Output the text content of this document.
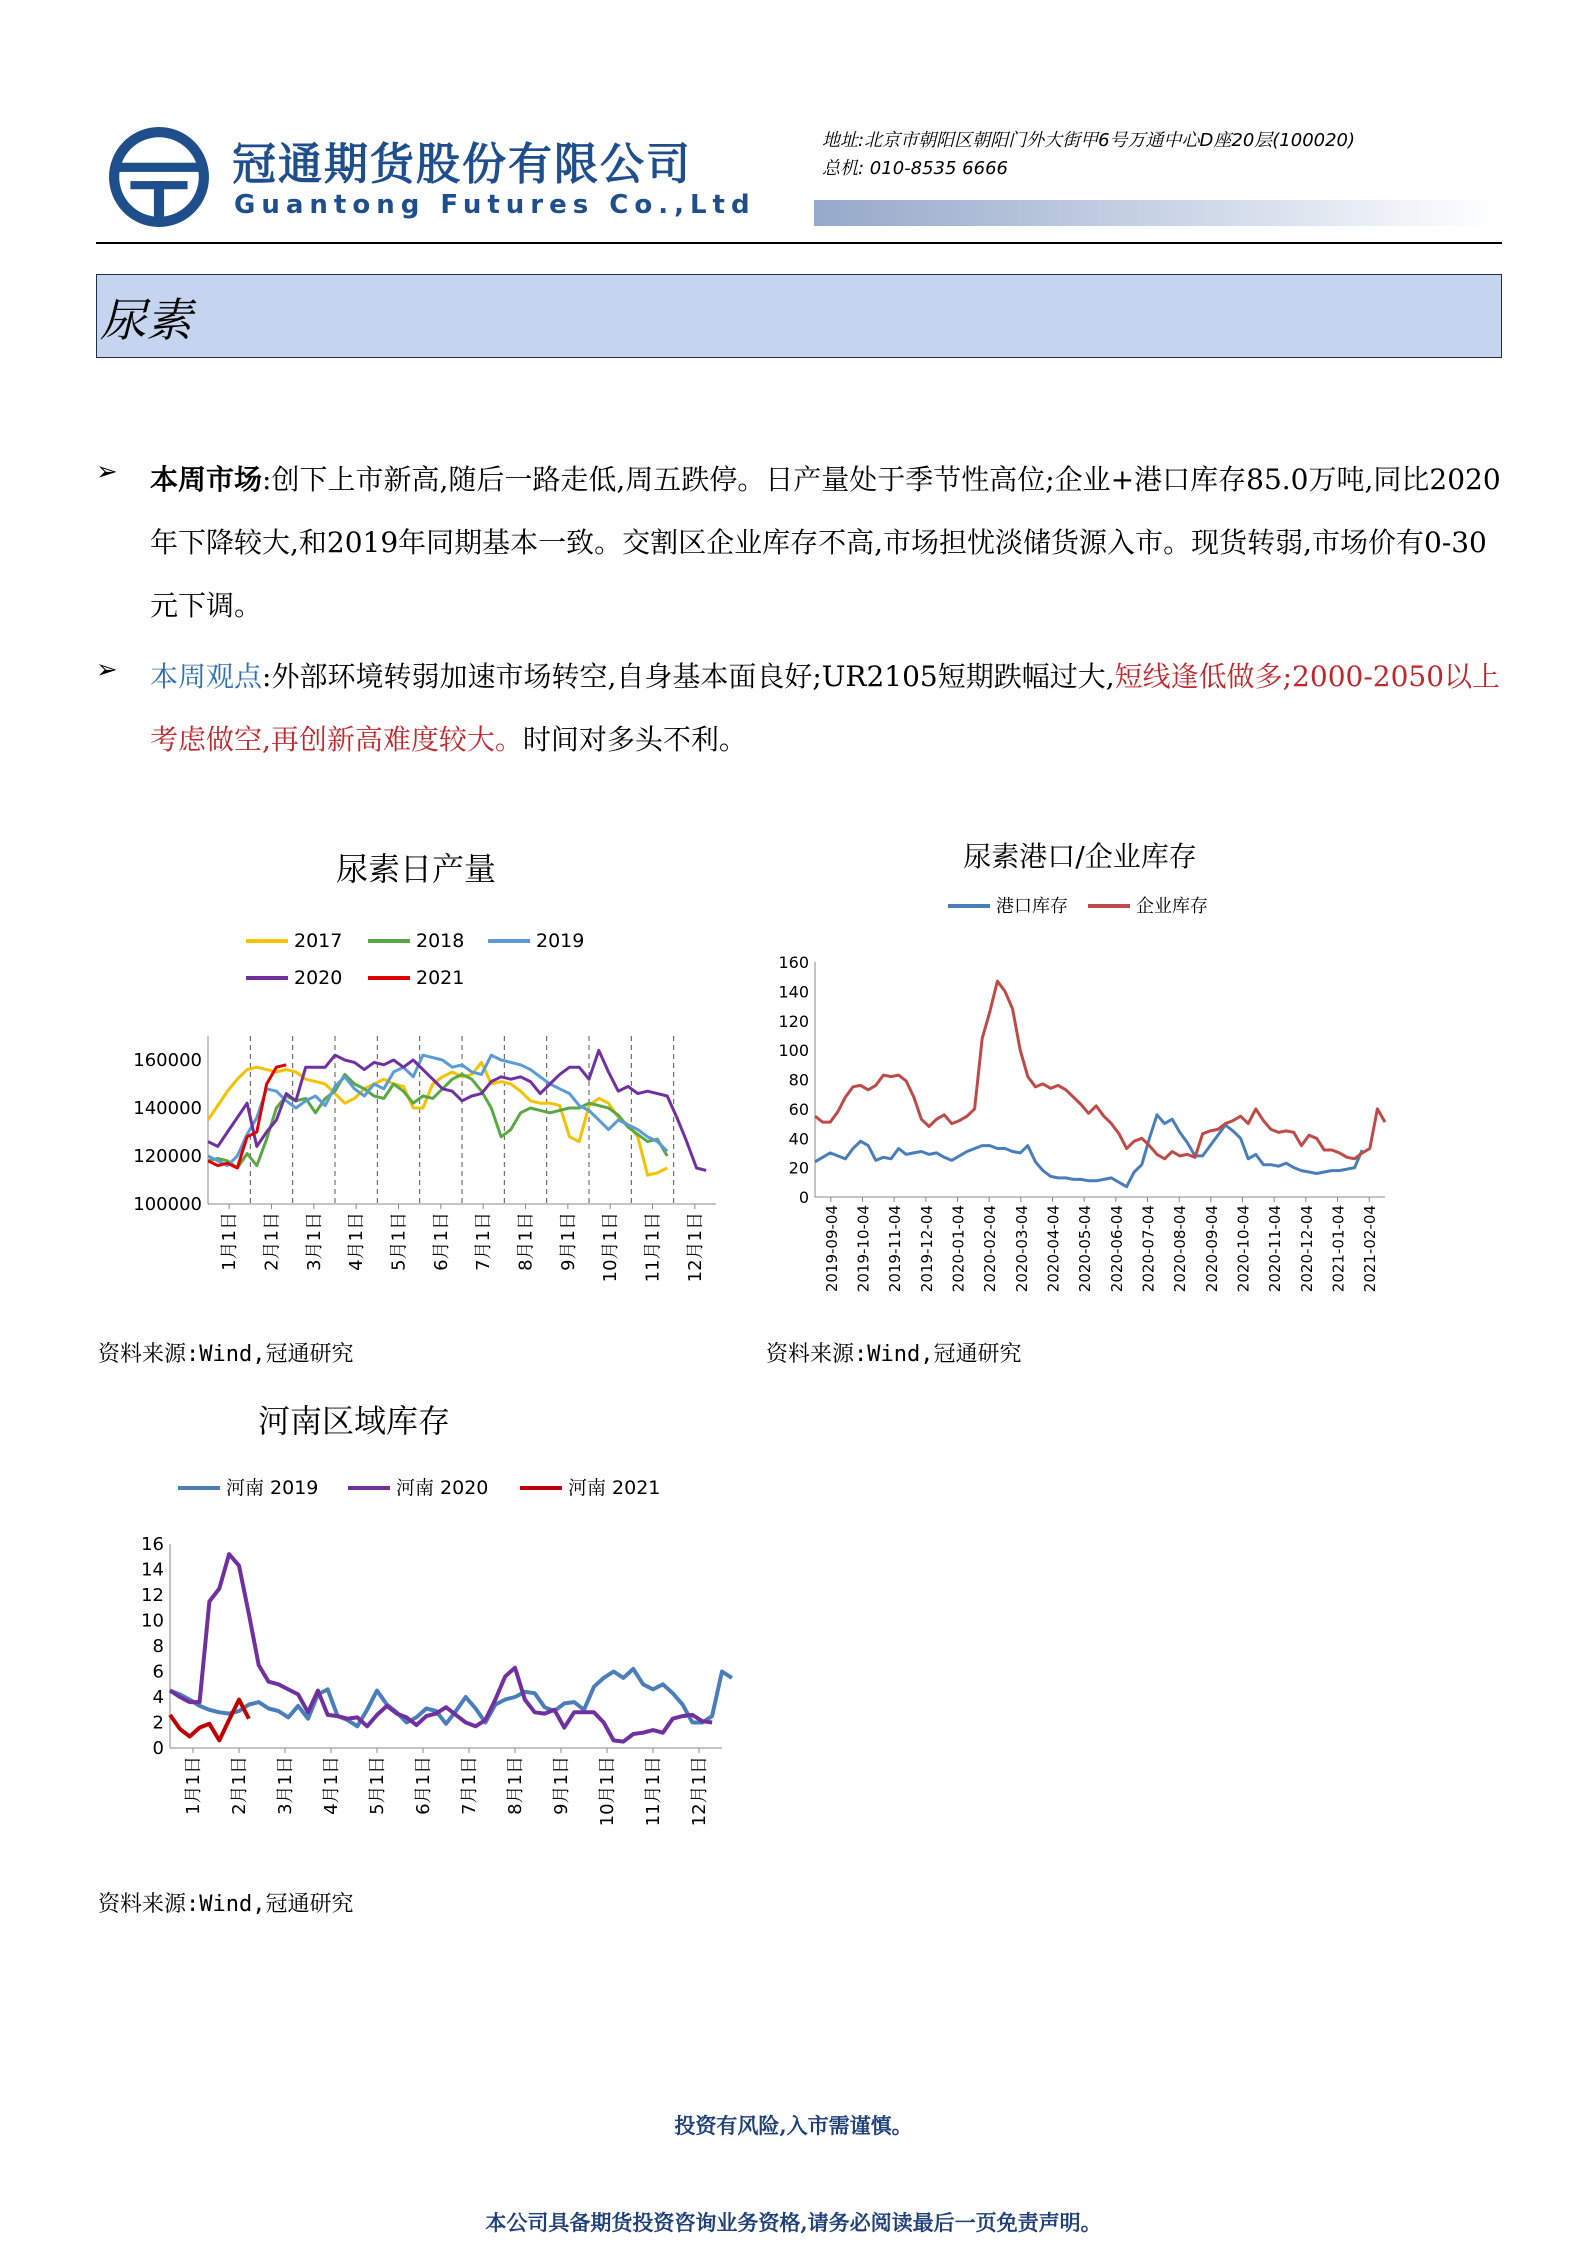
冠通期货股份有限公司
Guantong Futures Co.,Ltd
地址:北京市朝阳区朝阳门外大街甲6号万通中心D座20层(100020)
总机: 010-8535 6666
尿素
➢ 本周市场:创下上市新高,随后一路走低,周五跌停。日产量处于季节性高位;企业+港口库存85.0万吨,同比2020年下降较大,和2019年同期基本一致。交割区企业库存不高,市场担忧淡储货源入市。现货转弱,市场价有0-30元下调。
➢ 本周观点:外部环境转弱加速市场转空,自身基本面良好;UR2105短期跌幅过大,短线逢低做多;2000-2050以上考虑做空,再创新高难度较大。时间对多头不利。
尿素日产量
2017	2018	2019
2020	2021
100000
120000
140000
160000
1月1日 2月1日 3月1日 4月1日 5月1日 6月1日 7月1日 8月1日 9月1日 10月1日 11月1日 12月1日
资料来源:Wind,冠通研究
尿素港口/企业库存
港口库存	企业库存
0
20
40
60
80
100
120
140
160
2019-09-04 2019-10-04 2019-11-04 2019-12-04 2020-01-04 2020-02-04 2020-03-04 2020-04-04 2020-05-04 2020-06-04 2020-07-04 2020-08-04 2020-09-04 2020-10-04 2020-11-04 2020-12-04 2021-01-04 2021-02-04
资料来源:Wind,冠通研究
河南区域库存
河南 2019	河南 2020	河南 2021
0
2
4
6
8
10
12
14
16
1月1日 2月1日 3月1日 4月1日 5月1日 6月1日 7月1日 8月1日 9月1日 10月1日 11月1日 12月1日
资料来源:Wind,冠通研究
投资有风险,入市需谨慎。
本公司具备期货投资咨询业务资格,请务必阅读最后一页免责声明。
